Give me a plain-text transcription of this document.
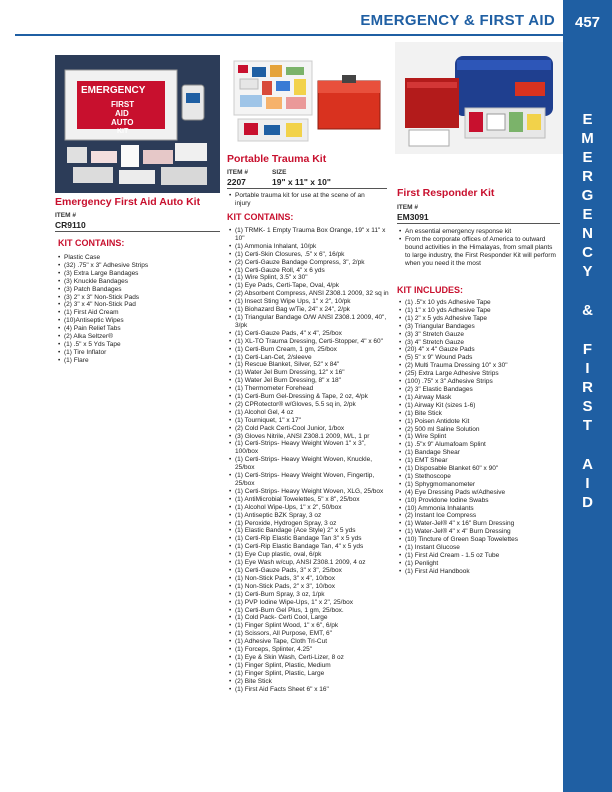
EMERGENCY & FIRST AID	457
E
M
E
R
G
E
N
C
Y
&
F
I
R
S
T
A
I
D
EMERGENCY
FIRST
AID
AUTO
KIT
Emergency First Aid Auto Kit
ITEM #
CR9110
KIT CONTAINS:
• Plastic Case
• (32) .75" x 3" Adhesive Strips
• (3) Extra Large Bandages
• (3) Knuckle Bandages
• (3) Patch Bandages
• (3) 2" x 3" Non-Stick Pads
• (2) 3" x 4" Non-Stick Pad
• (1) First Aid Cream
• (10)Antiseptic Wipes
• (4) Pain Relief Tabs
• (2) Alka Seltzer®
• (1) .5" x 5 Yds Tape
• (1) Tire Inflator
• (1) Flare
Portable Trauma Kit
ITEM #	SIZE
2207	19" x 11" x 10"
• Portable trauma kit for use at the scene of an injury
KIT CONTAINS:
• (1) TRMK- 1 Empty Trauma Box Orange, 19" x 11" x 10"
• (1) Ammonia Inhalant, 10/pk
• (1) Certi-Skin Closures, .5" x 6", 16/pk
• (2) Certi-Gauze Bandage Compress, 3", 2/pk
• (1) Certi-Gauze Roll, 4" x 6 yds
• (1) Wire Splint, 3.5" x 30"
• (1) Eye Pads, Certi-Tape, Oval, 4/pk
• (2) Absorbent Compress, ANSI Z308.1 2009, 32 sq in
• (1) Insect Sting Wipe Ups, 1" x 2", 10/pk
• (1) Biohazard Bag w/Tie, 24" x 24", 2/pk
• (1) Triangular Bandage O/W ANSI Z308.1 2009, 40", 3/pk
• (1) Certi-Gauze Pads, 4" x 4", 25/box
• (1) XL-TO Trauma Dressing, Certi-Stopper, 4" x 60"
• (1) Certi-Burn Cream, 1 gm, 25/box
• (1) Certi-Lan-Cet, 2/sleeve
• (1) Rescue Blanket, Silver, 52" x 84"
• (1) Water Jel Burn Dressing, 12" x 16"
• (1) Water Jel Burn Dressing, 8" x 18"
• (1) Thermometer Forehead
• (1) Certi-Burn Gel-Dressing & Tape, 2 oz, 4/pk
• (2) CPRotector® w/Gloves, 5.5 sq in, 2/pk
• (1) Alcohol Gel, 4 oz
• (1) Tourniquet, 1" x 17"
• (2) Cold Pack Certi-Cool Junior, 1/box
• (3) Gloves Nitrile, ANSI Z308.1 2009, M/L, 1 pr
• (1) Certi-Strips- Heavy Weight Woven 1" x 3", 100/box
• (1) Certi-Strips- Heavy Weight Woven, Knuckle, 25/box
• (1) Certi-Strips- Heavy Weight Woven, Fingertip, 25/box
• (1) Certi-Strips- Heavy Weight Woven, XLG, 25/box
• (1) AntiMicrobial Towelettes, 5" x 8", 25/box
• (1) Alcohol Wipe-Ups, 1" x 2", 50/box
• (1) Antiseptic BZK Spray, 3 oz
• (1) Peroxide, Hydrogen Spray, 3 oz
• (1) Elastic Bandage (Ace Style) 2" x 5 yds
• (1) Certi-Rip Elastic Bandage Tan 3" x 5 yds
• (1) Certi-Rip Elastic Bandage Tan, 4" x 5 yds
• (1) Eye Cup plastic, oval, 6/pk
• (1) Eye Wash w/cup, ANSI Z308.1 2009, 4 oz
• (1) Certi-Gauze Pads, 3" x 3", 25/box
• (1) Non-Stick Pads, 3" x 4", 10/box
• (1) Non-Stick Pads, 2" x 3", 10/box
• (1) Certi-Burn Spray, 3 oz, 1/pk
• (1) PVP Iodine Wipe-Ups, 1" x 2", 25/box
• (1) Certi-Burn Gel Plus, 1 gm, 25/box.
• (1) Cold Pack- Certi Cool, Large
• (1) Finger Splint Wood, 1" x 6", 6/pk
• (1) Scissors, All Purpose, EMT, 6"
• (1) Adhesive Tape, Cloth Tri-Cut
• (1) Forceps, Splinter, 4.25"
• (1) Eye & Skin Wash, Certi-Lizer, 8 oz
• (1) Finger Splint, Plastic, Medium
• (1) Finger Splint, Plastic, Large
• (2) Bite Stick
• (1) First Aid Facts Sheet 6" x 16"
First Responder Kit
ITEM #
EM3091
• An essential emergency response kit
• From the corporate offices of America to outward bound activities in the Himalayas, from small plants to large industry, the First Responder Kit will perform when you need it the most
KIT INCLUDES:
• (1) .5"x 10 yds Adhesive Tape
• (1) 1" x 10 yds Adhesive Tape
• (1) 2" x 5 yds Adhesive Tape
• (3) Triangular Bandages
• (3) 3" Stretch Gauze
• (3) 4" Stretch Gauze
• (20) 4" x 4" Gauze Pads
• (5) 5" x 9" Wound Pads
• (2) Multi Trauma Dressing 10" x 30"
• (25) Extra Large Adhesive Strips
• (100) .75" x 3" Adhesive Strips
• (2) 3" Elastic Bandages
• (1) Airway Mask
• (1) Airway Kit (sizes 1-6)
• (1) Bite Stick
• (1) Poisen Antidote Kit
• (2) 500 ml Saline Solution
• (1) Wire Splint
• (1) .5"x 9" Alumafoam Splint
• (1) Bandage Shear
• (1) EMT Shear
• (1) Disposable Blanket 60" x 90"
• (1) Stethoscope
• (1) Sphygmomanometer
• (4) Eye Dressing Pads w/Adhesive
• (10) Providone Iodine Swabs
• (10) Ammonia Inhalants
• (2) Instant Ice Compress
• (1) Water-Jel® 4" x 16" Burn Dressing
• (1) Water-Jel® 4" x 4" Burn Dressing
• (10) Tincture of Green Soap Towelettes
• (1) Instant Glucose
• (1) First Aid Cream - 1.5 oz Tube
• (1) Penlight
• (1) First Aid Handbook
